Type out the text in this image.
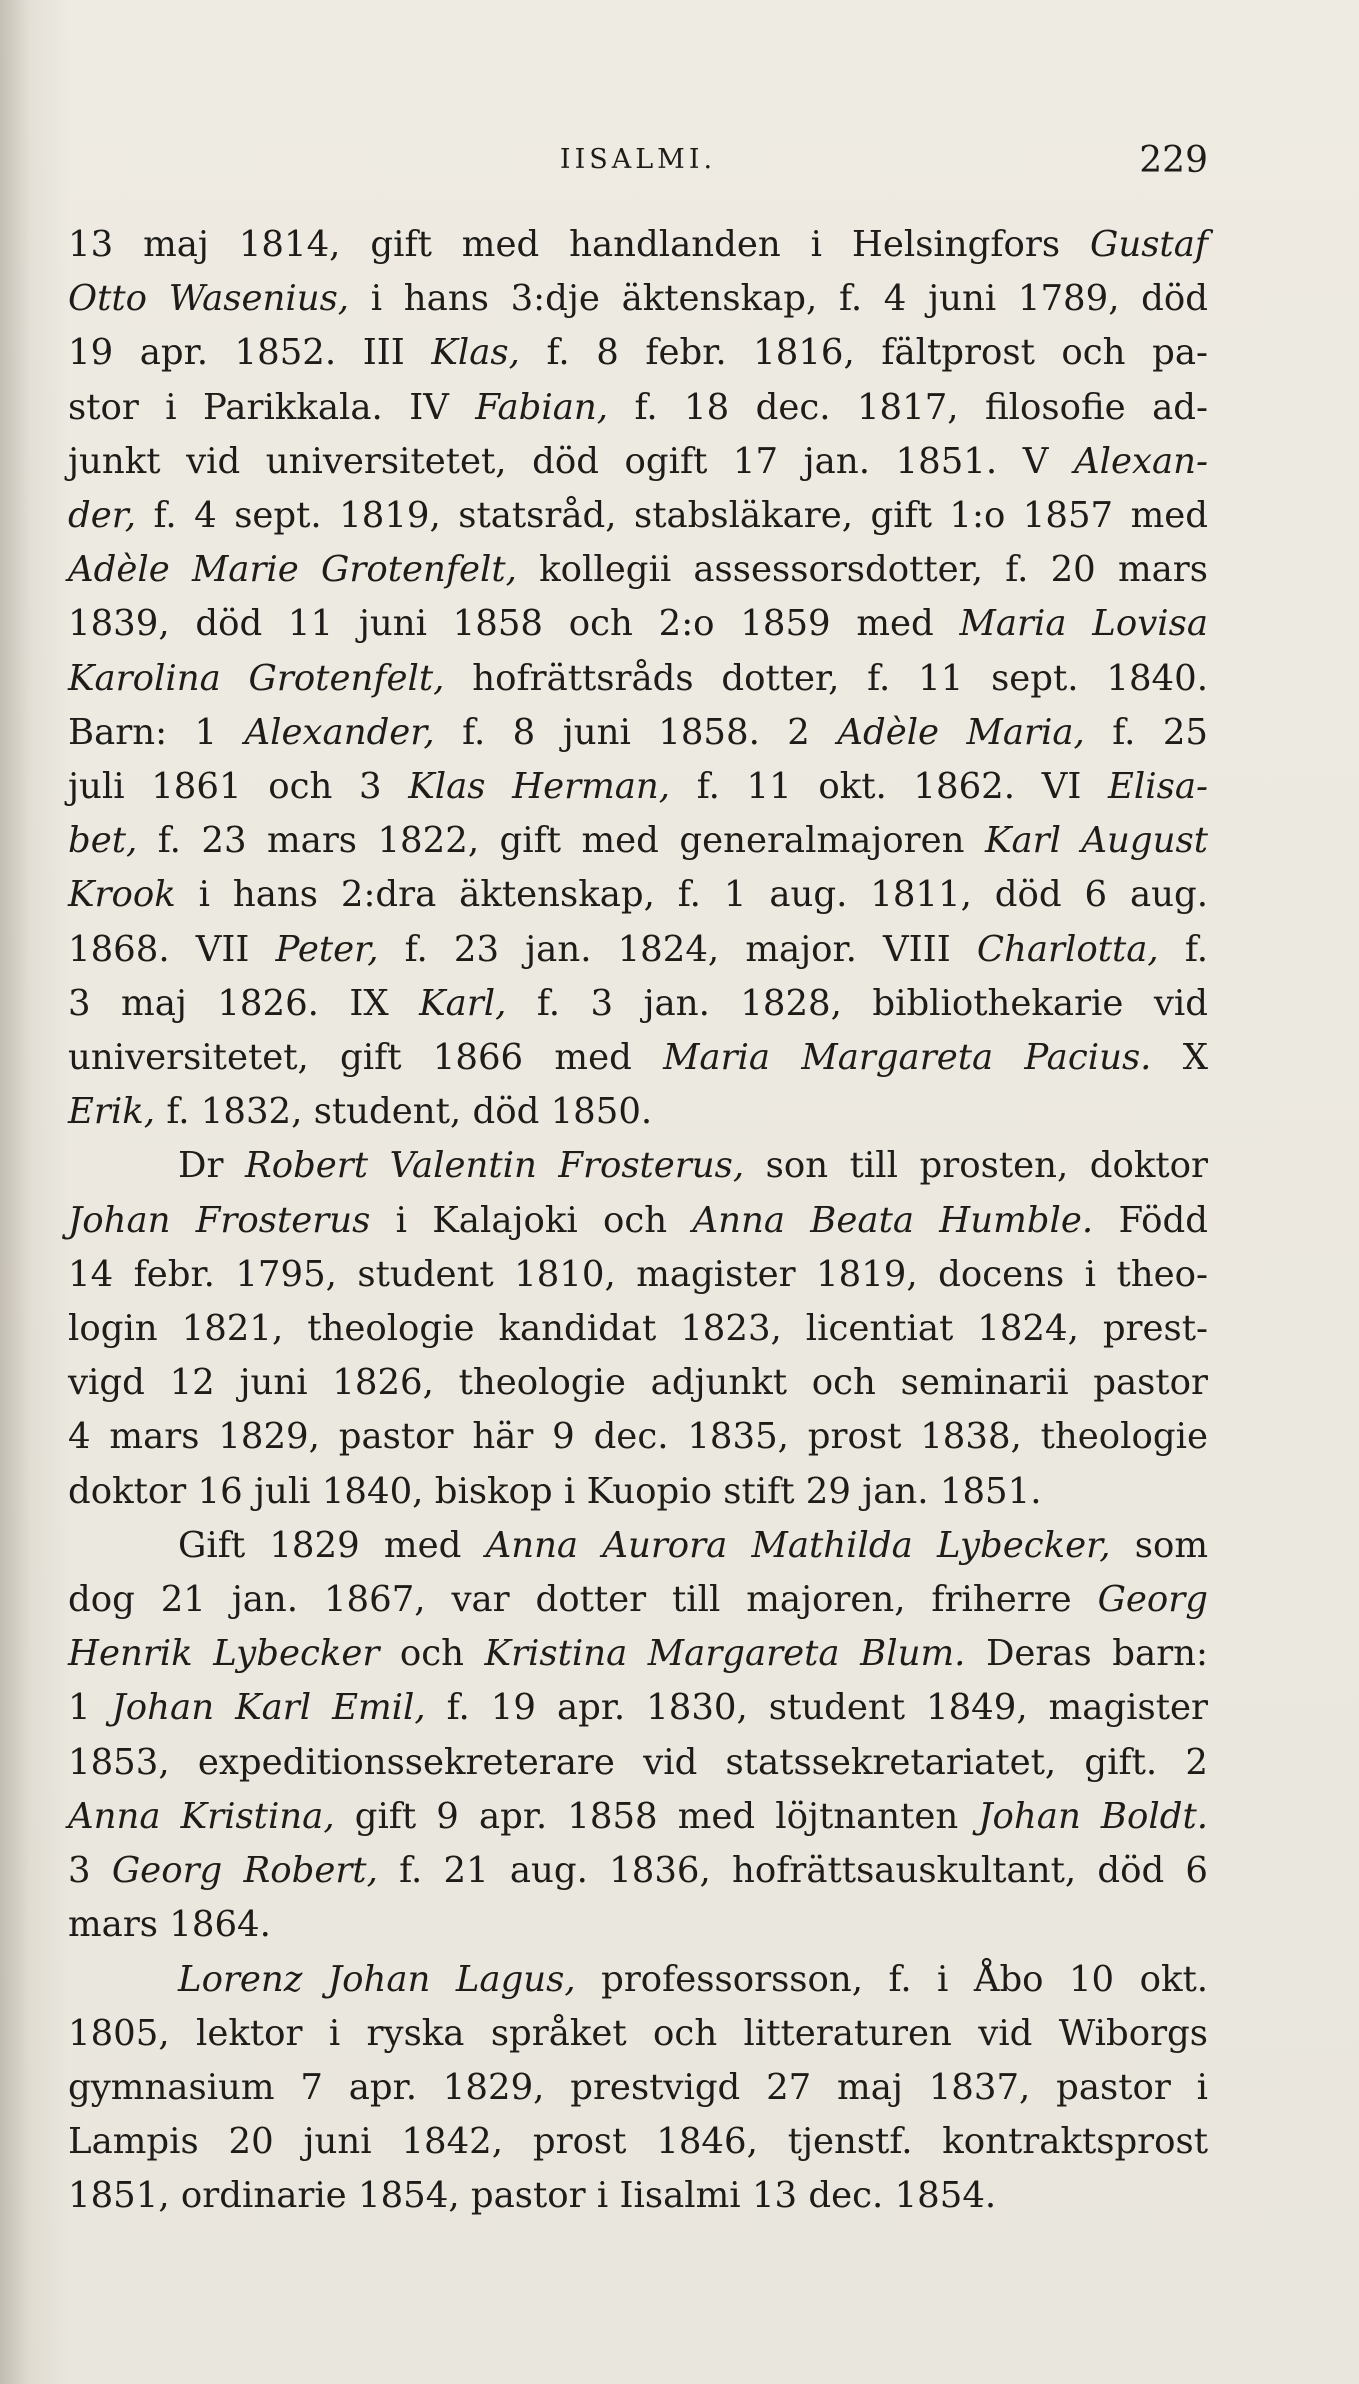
IISALMI.	229

13 maj 1814, gift med handlanden i Helsingfors Gustaf
Otto Wasenius, i hans 3:dje äktenskap, f. 4 juni 1789, död
19 apr. 1852. III Klas, f. 8 febr. 1816, fältprost och pa-
stor i Parikkala. IV Fabian, f. 18 dec. 1817, filosofie ad-
junkt vid universitetet, död ogift 17 jan. 1851. V Alexan-
der, f. 4 sept. 1819, statsråd, stabsläkare, gift 1:o 1857 med
Adèle Marie Grotenfelt, kollegii assessorsdotter, f. 20 mars
1839, död 11 juni 1858 och 2:o 1859 med Maria Lovisa
Karolina Grotenfelt, hofrättsråds dotter, f. 11 sept. 1840.
Barn: 1 Alexander, f. 8 juni 1858. 2 Adèle Maria, f. 25
juli 1861 och 3 Klas Herman, f. 11 okt. 1862. VI Elisa-
bet, f. 23 mars 1822, gift med generalmajoren Karl August
Krook i hans 2:dra äktenskap, f. 1 aug. 1811, död 6 aug.
1868. VII Peter, f. 23 jan. 1824, major. VIII Charlotta, f.
3 maj 1826. IX Karl, f. 3 jan. 1828, bibliothekarie vid
universitetet, gift 1866 med Maria Margareta Pacius. X
Erik, f. 1832, student, död 1850.

Dr Robert Valentin Frosterus, son till prosten, doktor
Johan Frosterus i Kalajoki och Anna Beata Humble. Född
14 febr. 1795, student 1810, magister 1819, docens i theo-
login 1821, theologie kandidat 1823, licentiat 1824, prest-
vigd 12 juni 1826, theologie adjunkt och seminarii pastor
4 mars 1829, pastor här 9 dec. 1835, prost 1838, theologie
doktor 16 juli 1840, biskop i Kuopio stift 29 jan. 1851.

Gift 1829 med Anna Aurora Mathilda Lybecker, som
dog 21 jan. 1867, var dotter till majoren, friherre Georg
Henrik Lybecker och Kristina Margareta Blum. Deras barn:
1 Johan Karl Emil, f. 19 apr. 1830, student 1849, magister
1853, expeditionssekreterare vid statssekretariatet, gift. 2
Anna Kristina, gift 9 apr. 1858 med löjtnanten Johan Boldt.
3 Georg Robert, f. 21 aug. 1836, hofrättsauskultant, död 6
mars 1864.

Lorenz Johan Lagus, professorsson, f. i Åbo 10 okt.
1805, lektor i ryska språket och litteraturen vid Wiborgs
gymnasium 7 apr. 1829, prestvigd 27 maj 1837, pastor i
Lampis 20 juni 1842, prost 1846, tjenstf. kontraktsprost
1851, ordinarie 1854, pastor i Iisalmi 13 dec. 1854.
